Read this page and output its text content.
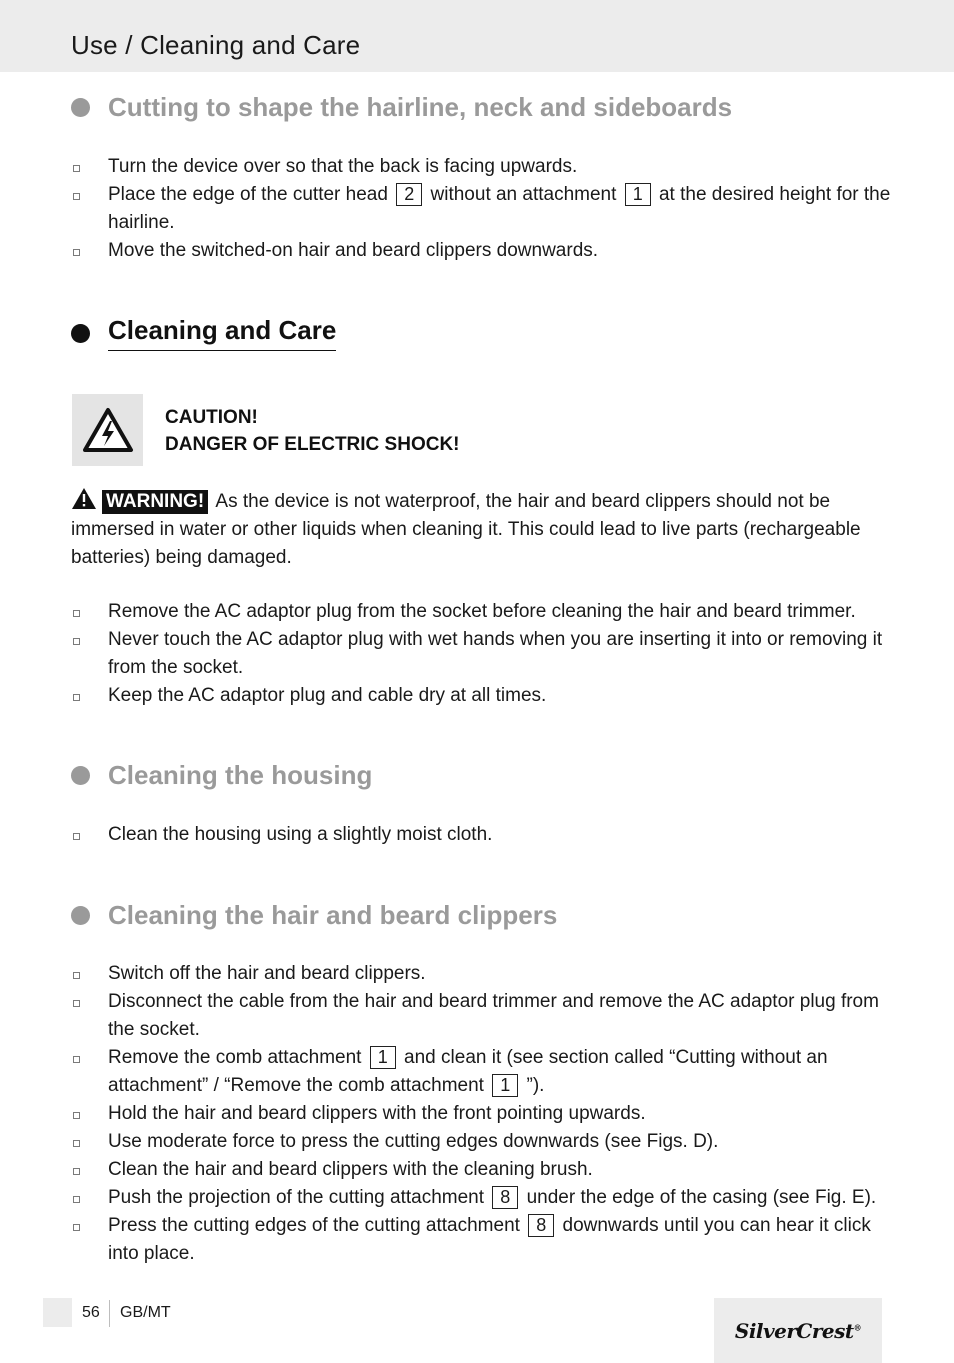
Use / Cleaning and Care
Cutting to shape the hairline, neck and sideboards
Turn the device over so that the back is facing upwards.
Place the edge of the cutter head 2 without an attachment 1 at the desired height for the hairline.
Move the switched-on hair and beard clippers downwards.
Cleaning and Care
CAUTION!
DANGER OF ELECTRIC SHOCK!
WARNING! As the device is not waterproof, the hair and beard clippers should not be immersed in water or other liquids when cleaning it. This could lead to live parts (rechargeable batteries) being damaged.
Remove the AC adaptor plug from the socket before cleaning the hair and beard trimmer.
Never touch the AC adaptor plug with wet hands when you are inserting it into or removing it from the socket.
Keep the AC adaptor plug and cable dry at all times.
Cleaning the housing
Clean the housing using a slightly moist cloth.
Cleaning the hair and beard clippers
Switch off the hair and beard clippers.
Disconnect the cable from the hair and beard trimmer and remove the AC adaptor plug from the socket.
Remove the comb attachment 1 and clean it (see section called “Cutting without an attachment” / “Remove the comb attachment 1 ”).
Hold the hair and beard clippers with the front pointing upwards.
Use moderate force to press the cutting edges downwards (see Figs. D).
Clean the hair and beard clippers with the cleaning brush.
Push the projection of the cutting attachment 8 under the edge of the casing (see Fig. E).
Press the cutting edges of the cutting attachment 8 downwards until you can hear it click into place.
56 GB/MT
SilverCrest®
